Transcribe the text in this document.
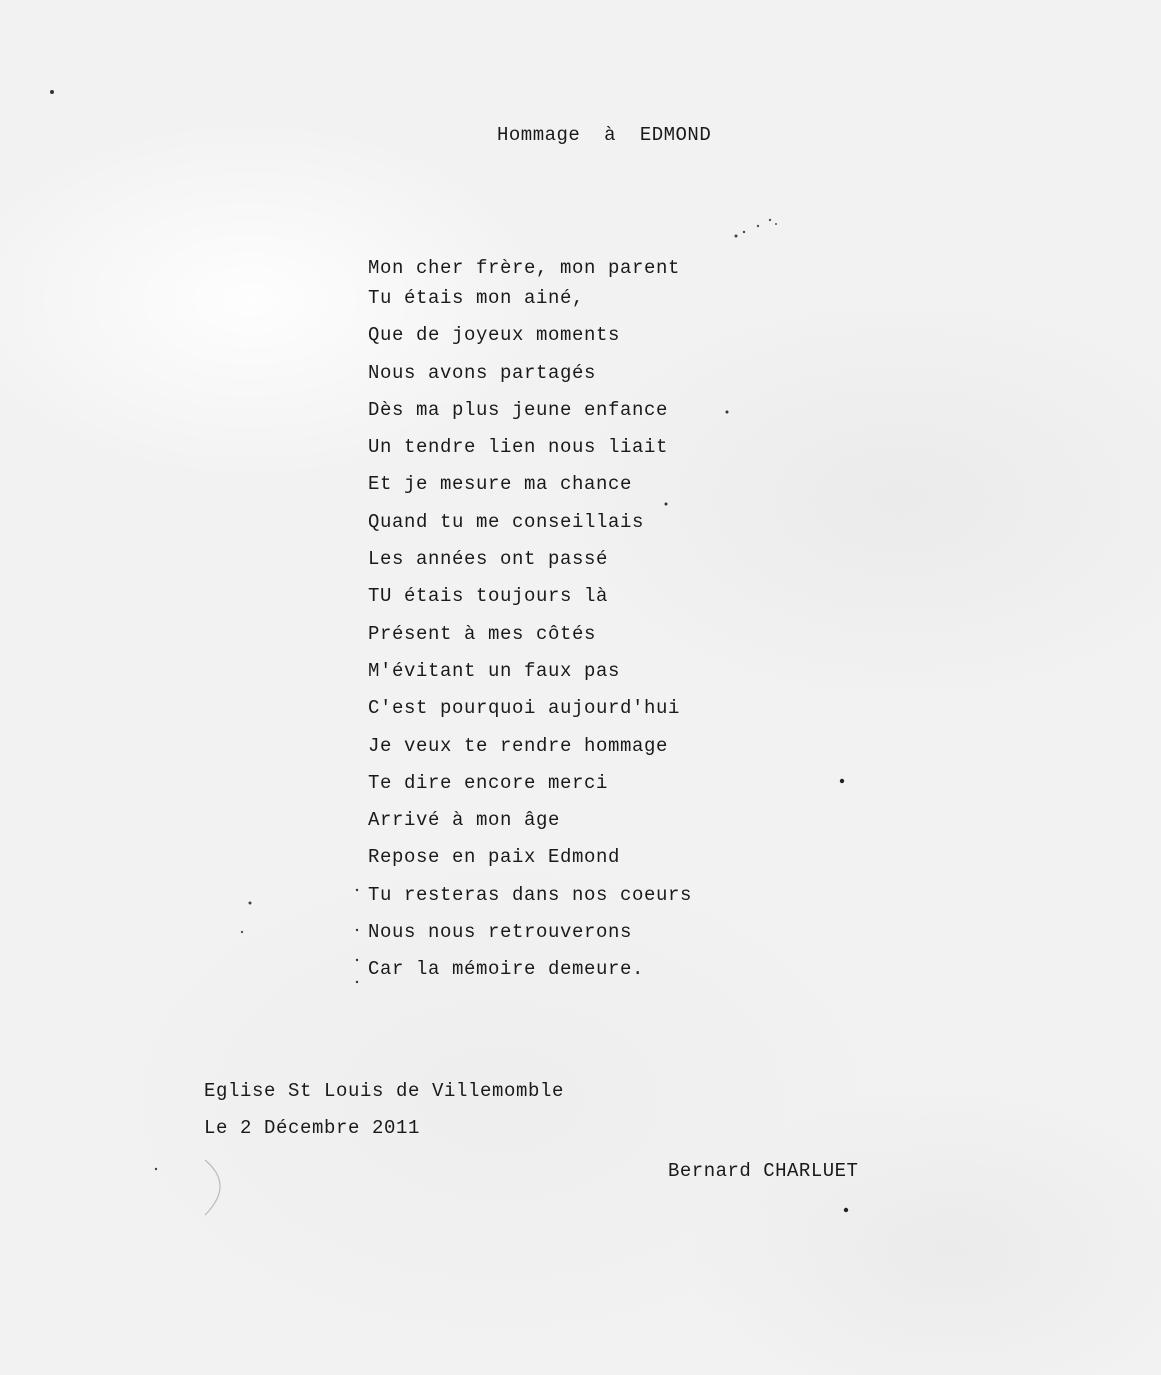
Hommage  à  EDMOND
Mon cher frère, mon parent
Tu étais mon ainé,
Que de joyeux moments
Nous avons partagés
Dès ma plus jeune enfance
Un tendre lien nous liait
Et je mesure ma chance
Quand tu me conseillais
Les années ont passé
TU étais toujours là
Présent à mes côtés
M'évitant un faux pas
C'est pourquoi aujourd'hui
Je veux te rendre hommage
Te dire encore merci
Arrivé à mon âge
Repose en paix Edmond
Tu resteras dans nos coeurs
Nous nous retrouverons
Car la mémoire demeure.

Eglise St Louis de Villemomble

Le 2 Décembre 2011

Bernard CHARLUET
